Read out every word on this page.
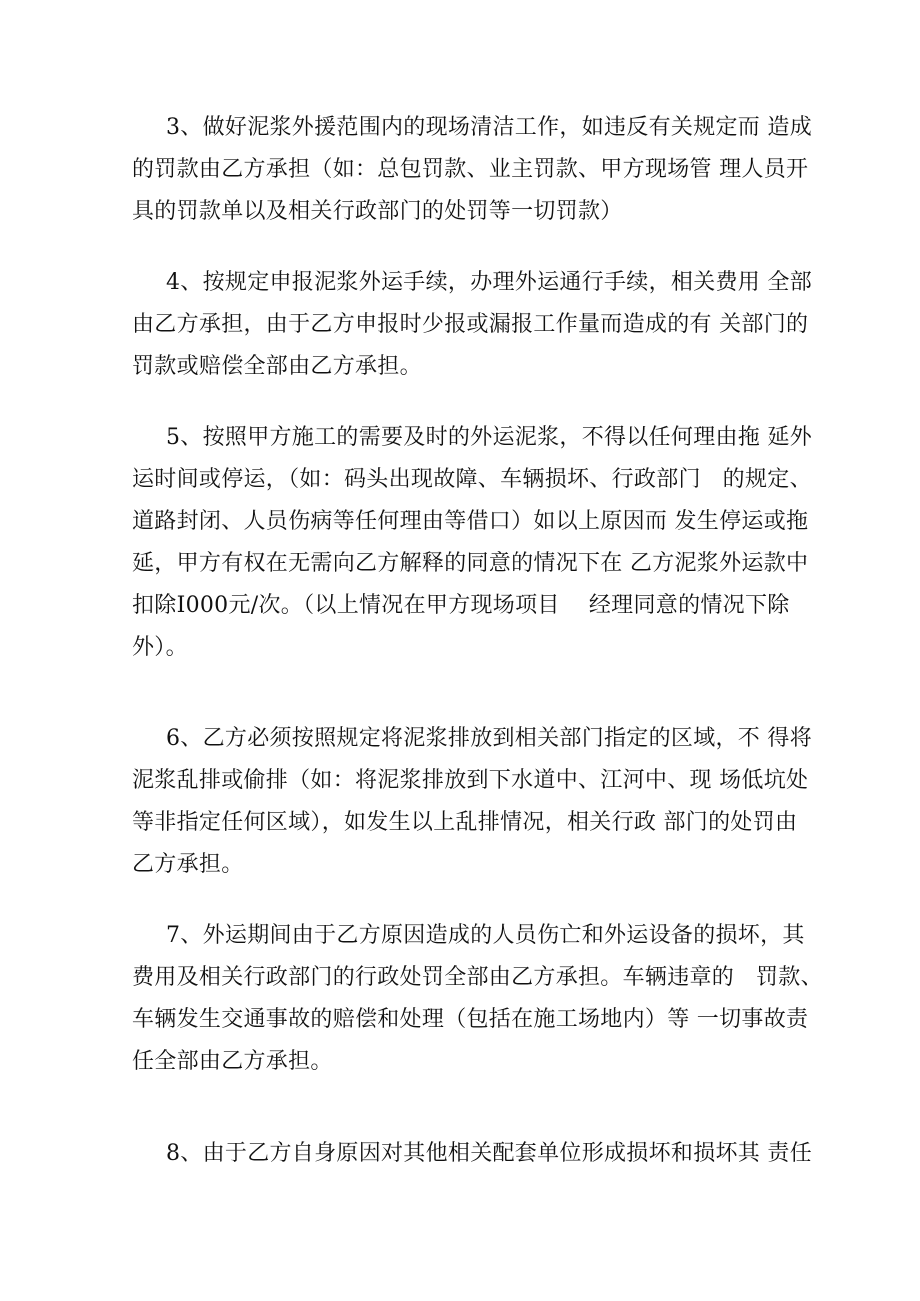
3、做好泥浆外援范围内的现场清洁工作，如违反有关规定而 造成
的罚款由乙方承担（如：总包罚款、业主罚款、甲方现场管 理人员开
具的罚款单以及相关行政部门的处罚等一切罚款）
4、按规定申报泥浆外运手续，办理外运通行手续，相关费用 全部
由乙方承担，由于乙方申报时少报或漏报工作量而造成的有 关部门的
罚款或赔偿全部由乙方承担。
5、按照甲方施工的需要及时的外运泥浆，不得以任何理由拖 延外
运时间或停运，（如：码头出现故障、车辆损坏、行政部门   的规定、
道路封闭、人员伤病等任何理由等借口）如以上原因而 发生停运或拖
延，甲方有权在无需向乙方解释的同意的情况下在 乙方泥浆外运款中
扣除I000元/次。（以上情况在甲方现场项目    经理同意的情况下除
外）。
6、乙方必须按照规定将泥浆排放到相关部门指定的区域，不 得将
泥浆乱排或偷排（如：将泥浆排放到下水道中、江河中、现 场低坑处
等非指定任何区域），如发生以上乱排情况，相关行政 部门的处罚由
乙方承担。
7、外运期间由于乙方原因造成的人员伤亡和外运设备的损坏，其
费用及相关行政部门的行政处罚全部由乙方承担。车辆违章的   罚款、
车辆发生交通事故的赔偿和处理（包括在施工场地内）等 一切事故责
任全部由乙方承担。
8、由于乙方自身原因对其他相关配套单位形成损坏和损坏其 责任
